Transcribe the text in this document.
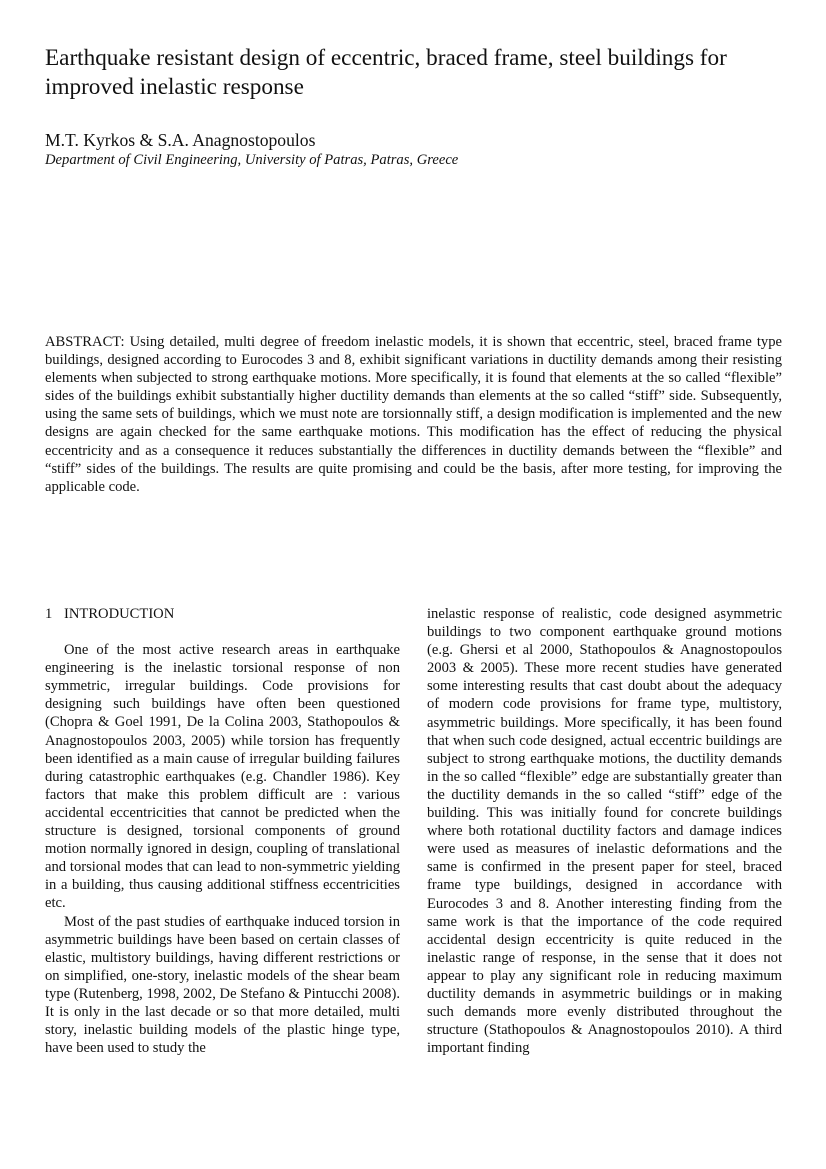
Earthquake resistant design of eccentric, braced frame, steel buildings for improved inelastic response

M.T. Kyrkos & S.A. Anagnostopoulos

Department of Civil Engineering, University of Patras, Patras, Greece

ABSTRACT: Using detailed, multi degree of freedom inelastic models, it is shown that eccentric, steel, braced frame type buildings, designed according to Eurocodes 3 and 8, exhibit significant variations in ductility demands among their resisting elements when subjected to strong earthquake motions. More specifically, it is found that elements at the so called “flexible” sides of the buildings exhibit substantially higher ductility demands than elements at the so called “stiff” side. Subsequently, using the same sets of buildings, which we must note are torsionnally stiff, a design modification is implemented and the new designs are again checked for the same earthquake motions. This modification has the effect of reducing the physical eccentricity and as a consequence it reduces substantially the differences in ductility demands between the “flexible” and “stiff” sides of the buildings. The results are quite promising and could be the basis, after more testing, for improving the applicable code.

1 INTRODUCTION

One of the most active research areas in earthquake engineering is the inelastic torsional response of non symmetric, irregular buildings. Code provisions for designing such buildings have often been questioned (Chopra & Goel 1991, De la Colina 2003, Stathopoulos & Anagnostopoulos 2003, 2005) while torsion has frequently been identified as a main cause of irregular building failures during catastrophic earthquakes (e.g. Chandler 1986). Key factors that make this problem difficult are : various accidental eccentricities that cannot be predicted when the structure is designed, torsional components of ground motion normally ignored in design, coupling of translational and torsional modes that can lead to non-symmetric yielding in a building, thus causing additional stiffness eccentricities etc.

Most of the past studies of earthquake induced torsion in asymmetric buildings have been based on certain classes of elastic, multistory buildings, having different restrictions or on simplified, one-story, inelastic models of the shear beam type (Rutenberg, 1998, 2002, De Stefano & Pintucchi 2008). It is only in the last decade or so that more detailed, multi story, inelastic building models of the plastic hinge type, have been used to study the

inelastic response of realistic, code designed asymmetric buildings to two component earthquake ground motions (e.g. Ghersi et al 2000, Stathopoulos & Anagnostopoulos 2003 & 2005). These more recent studies have generated some interesting results that cast doubt about the adequacy of modern code provisions for frame type, multistory, asymmetric buildings. More specifically, it has been found that when such code designed, actual eccentric buildings are subject to strong earthquake motions, the ductility demands in the so called “flexible” edge are substantially greater than the ductility demands in the so called “stiff” edge of the building. This was initially found for concrete buildings where both rotational ductility factors and damage indices were used as measures of inelastic deformations and the same is confirmed in the present paper for steel, braced frame type buildings, designed in accordance with Eurocodes 3 and 8. Another interesting finding from the same work is that the importance of the code required accidental design eccentricity is quite reduced in the inelastic range of response, in the sense that it does not appear to play any significant role in reducing maximum ductility demands in asymmetric buildings or in making such demands more evenly distributed throughout the structure (Stathopoulos & Anagnostopoulos 2010). A third important finding
